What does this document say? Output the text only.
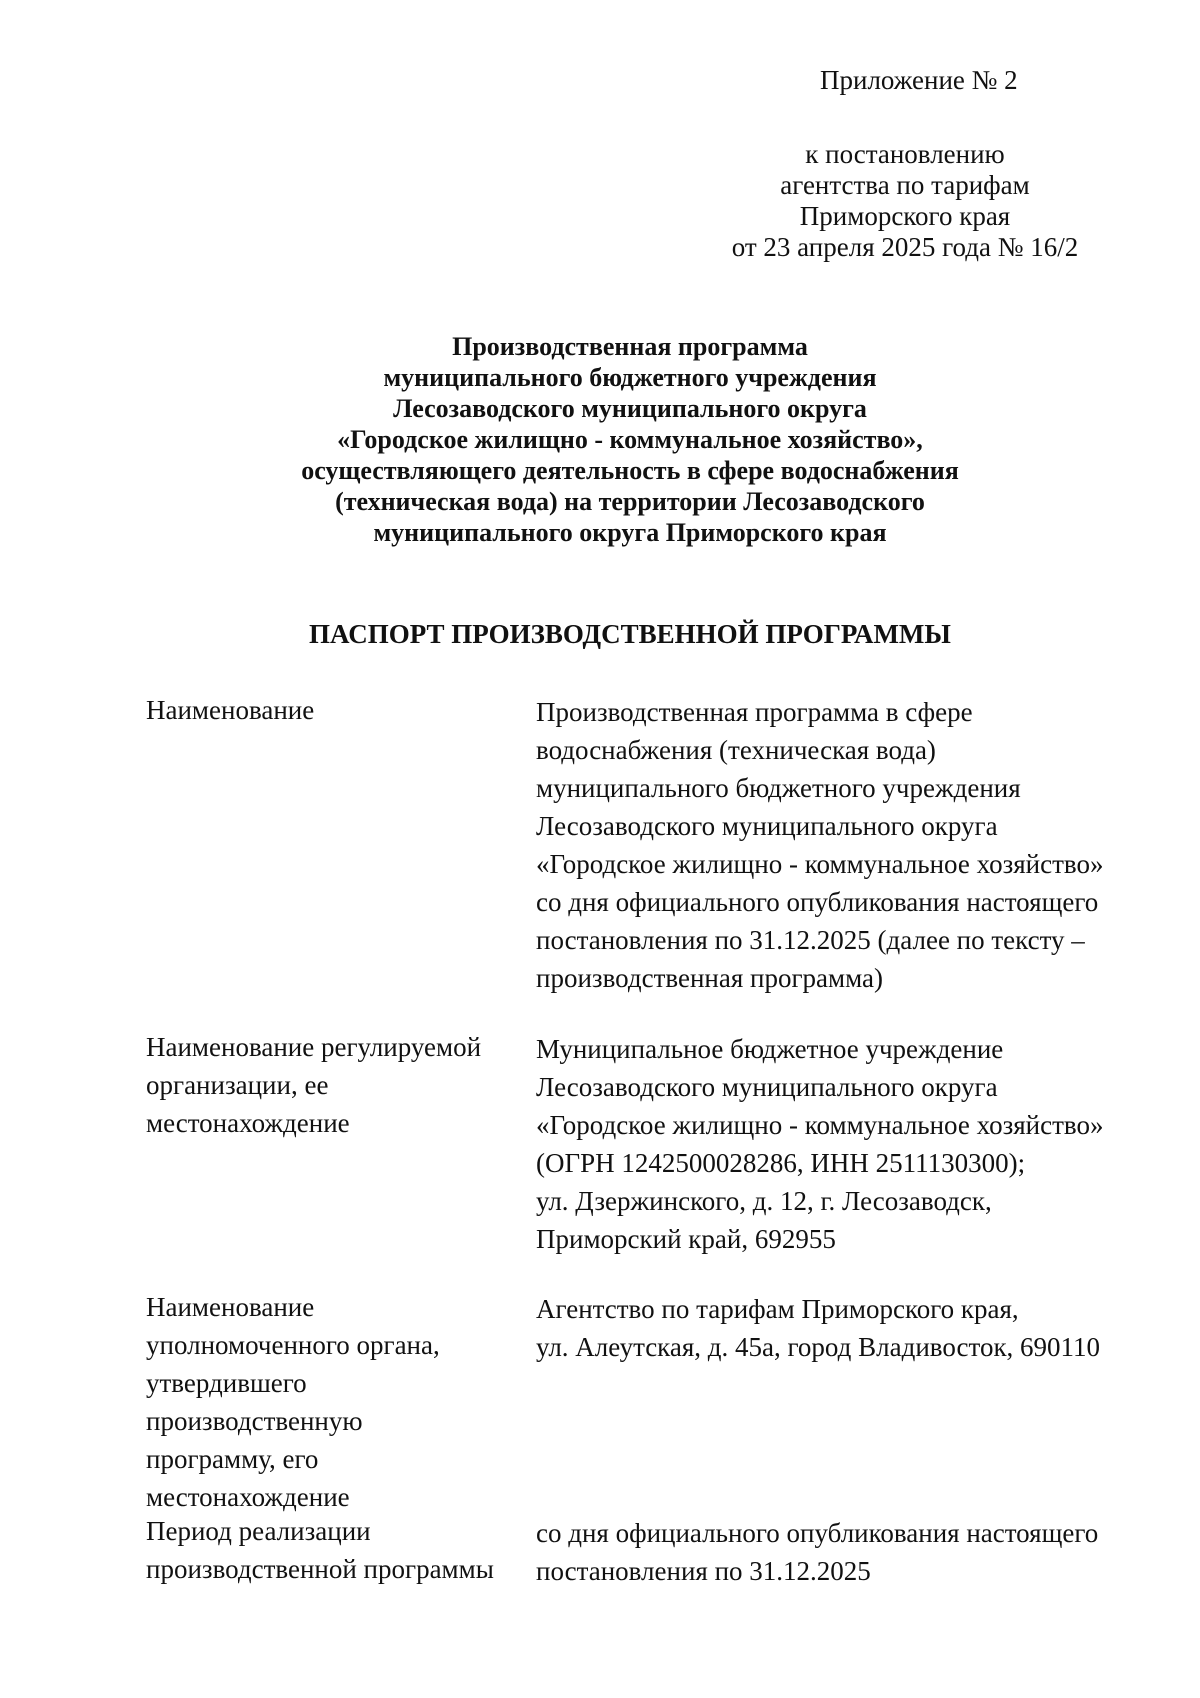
Приложение № 2
к постановлению
агентства по тарифам
Приморского края
от 23 апреля 2025 года № 16/2
Производственная программа
муниципального бюджетного учреждения
Лесозаводского муниципального округа
«Городское жилищно - коммунальное хозяйство»,
осуществляющего деятельность в сфере водоснабжения
(техническая вода) на территории Лесозаводского
муниципального округа Приморского края
ПАСПОРТ ПРОИЗВОДСТВЕННОЙ ПРОГРАММЫ
Наименование	Производственная программа в сфере
водоснабжения (техническая вода)
муниципального бюджетного учреждения
Лесозаводского муниципального округа
«Городское жилищно - коммунальное хозяйство»
со дня официального опубликования настоящего
постановления по 31.12.2025 (далее по тексту –
производственная программа)
Наименование регулируемой
организации, ее
местонахождение
Муниципальное бюджетное учреждение
Лесозаводского муниципального округа
«Городское жилищно - коммунальное хозяйство»
(ОГРН 1242500028286, ИНН 2511130300);
ул. Дзержинского, д. 12, г. Лесозаводск,
Приморский край, 692955
Наименование
уполномоченного органа,
утвердившего
производственную
программу, его
местонахождение
Агентство по тарифам Приморского края,
ул. Алеутская, д. 45а, город Владивосток, 690110
Период реализации
производственной программы
со дня официального опубликования настоящего
постановления по 31.12.2025
